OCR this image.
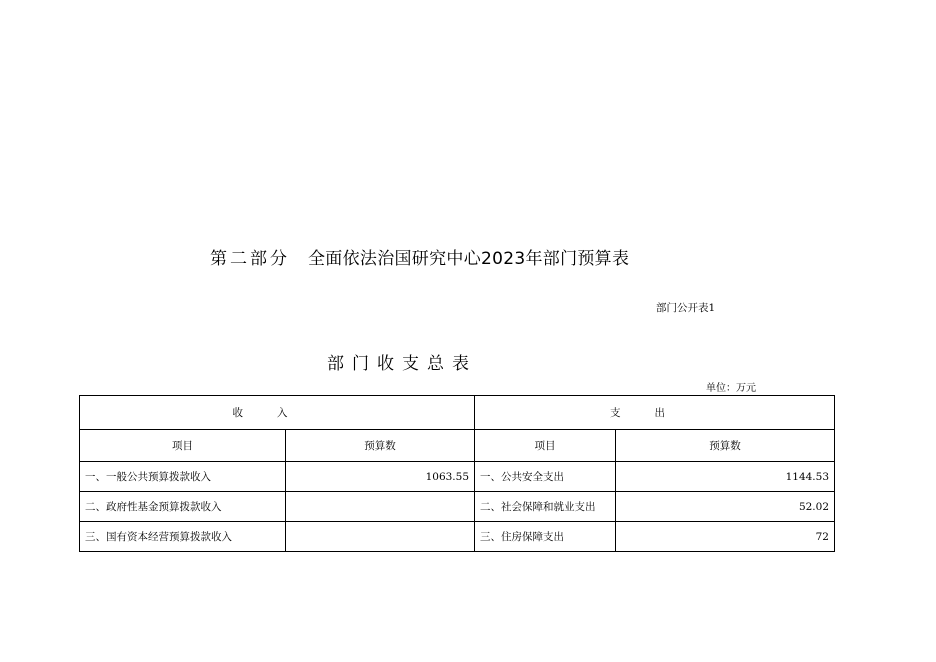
第二部分 全面依法治国研究中心2023年部门预算表
部门公开表1
部门收支总表
单位：万元
收入		支出	
项目	预算数	项目	预算数
一、一般公共预算拨款收入	1063.55	一、公共安全支出	1144.53
二、政府性基金预算拨款收入		二、社会保障和就业支出	52.02
三、国有资本经营预算拨款收入		三、住房保障支出	72
